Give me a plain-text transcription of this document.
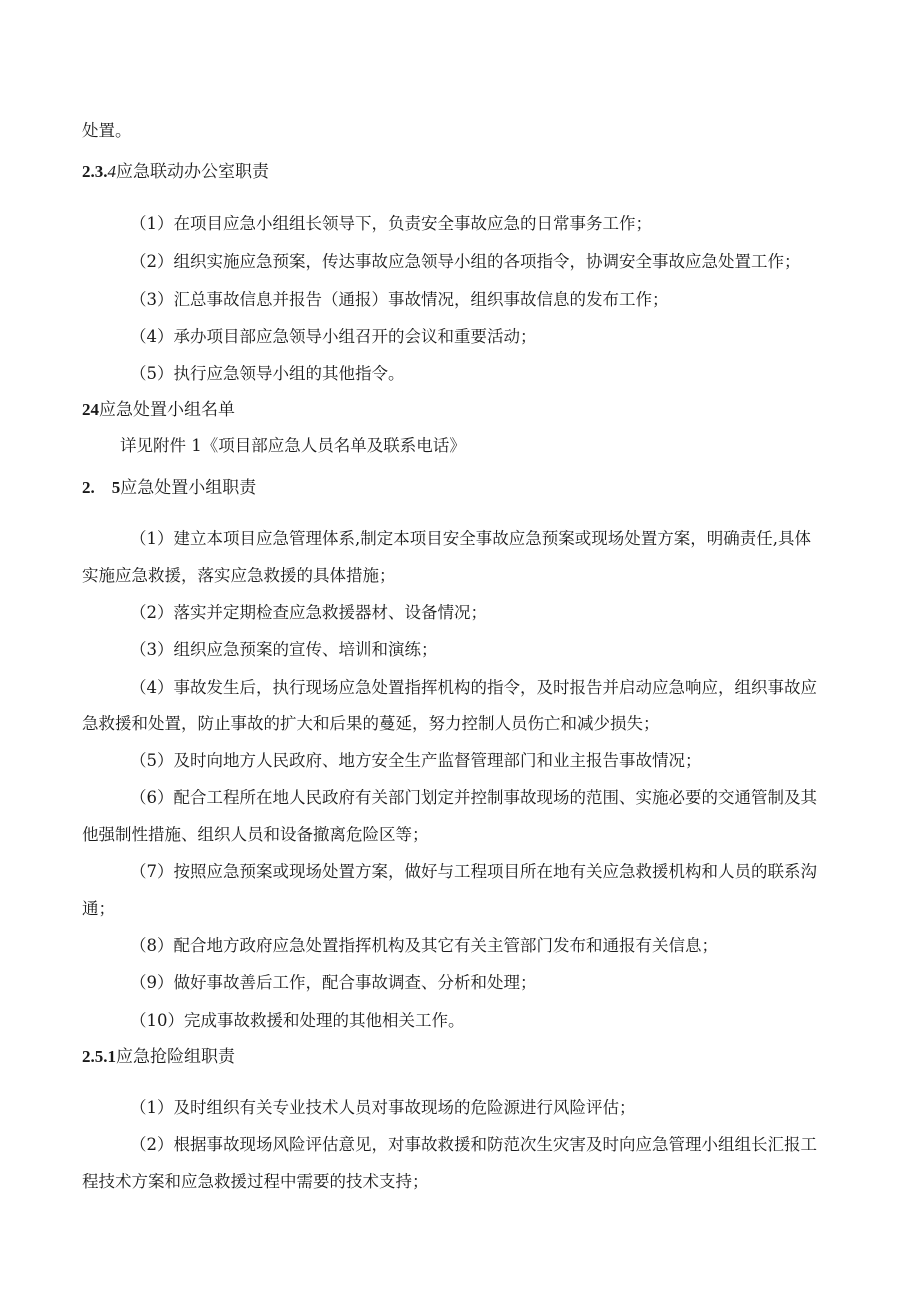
处置。
2.3.4应急联动办公室职责
（1）在项目应急小组组长领导下，负责安全事故应急的日常事务工作；
（2）组织实施应急预案，传达事故应急领导小组的各项指令，协调安全事故应急处置工作；
（3）汇总事故信息并报告（通报）事故情况，组织事故信息的发布工作；
（4）承办项目部应急领导小组召开的会议和重要活动；
（5）执行应急领导小组的其他指令。
24应急处置小组名单
详见附件 1《项目部应急人员名单及联系电话》
2.　5应急处置小组职责
（1）建立本项目应急管理体系,制定本项目安全事故应急预案或现场处置方案，明确责任,具体
实施应急救援，落实应急救援的具体措施；
（2）落实并定期检查应急救援器材、设备情况；
（3）组织应急预案的宣传、培训和演练；
（4）事故发生后，执行现场应急处置指挥机构的指令，及时报告并启动应急响应，组织事故应
急救援和处置，防止事故的扩大和后果的蔓延，努力控制人员伤亡和减少损失；
（5）及时向地方人民政府、地方安全生产监督管理部门和业主报告事故情况；
（6）配合工程所在地人民政府有关部门划定并控制事故现场的范围、实施必要的交通管制及其
他强制性措施、组织人员和设备撤离危险区等；
（7）按照应急预案或现场处置方案，做好与工程项目所在地有关应急救援机构和人员的联系沟
通；
（8）配合地方政府应急处置指挥机构及其它有关主管部门发布和通报有关信息；
（9）做好事故善后工作，配合事故调查、分析和处理；
（10）完成事故救援和处理的其他相关工作。
2.5.1应急抢险组职责
（1）及时组织有关专业技术人员对事故现场的危险源进行风险评估；
（2）根据事故现场风险评估意见，对事故救援和防范次生灾害及时向应急管理小组组长汇报工
程技术方案和应急救援过程中需要的技术支持；
